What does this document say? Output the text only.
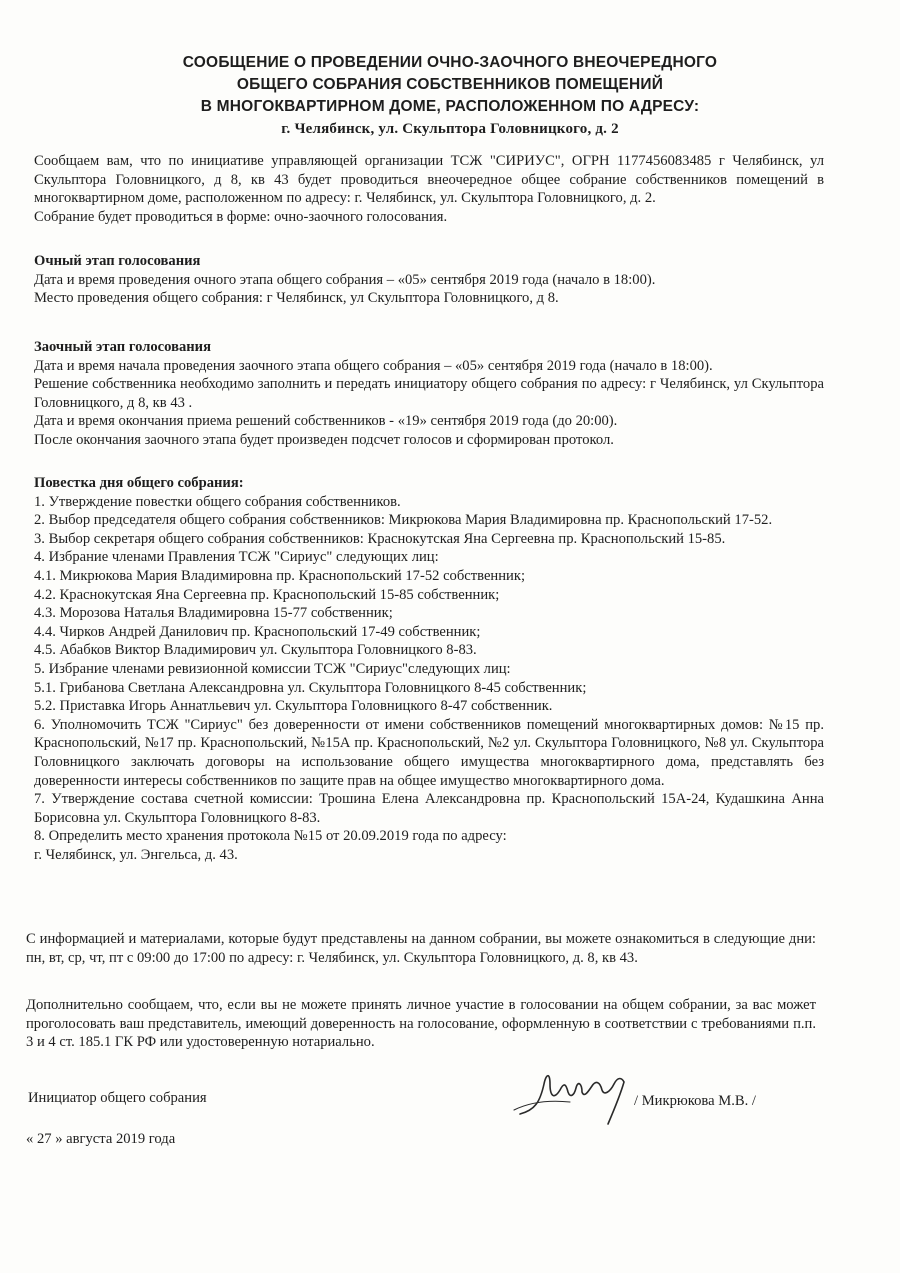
СООБЩЕНИЕ О ПРОВЕДЕНИИ ОЧНО-ЗАОЧНОГО ВНЕОЧЕРЕДНОГО
ОБЩЕГО СОБРАНИЯ СОБСТВЕННИКОВ ПОМЕЩЕНИЙ
В МНОГОКВАРТИРНОМ ДОМЕ, РАСПОЛОЖЕННОМ ПО АДРЕСУ:
г. Челябинск, ул. Скульптора Головницкого, д. 2
Сообщаем вам, что по инициативе управляющей организации ТСЖ "СИРИУС", ОГРН 1177456083485 г Челябинск, ул Скульптора Головницкого, д 8, кв 43 будет проводиться внеочередное общее собрание собственников помещений в многоквартирном доме, расположенном по адресу: г. Челябинск, ул. Скульптора Головницкого, д. 2.
Собрание будет проводиться в форме: очно-заочного голосования.
Очный этап голосования
Дата и время проведения очного этапа общего собрания – «05» сентября 2019 года (начало в 18:00).
Место проведения общего собрания: г Челябинск, ул Скульптора Головницкого, д 8.
Заочный этап голосования
Дата и время начала проведения заочного этапа общего собрания – «05» сентября 2019 года (начало в 18:00).
Решение собственника необходимо заполнить и передать инициатору общего собрания по адресу: г Челябинск, ул Скульптора Головницкого, д 8, кв 43 .
Дата и время окончания приема решений собственников - «19» сентября 2019 года (до 20:00).
После окончания заочного этапа будет произведен подсчет голосов и сформирован протокол.
Повестка дня общего собрания:
1. Утверждение повестки общего собрания собственников.
2. Выбор председателя общего собрания собственников: Микрюкова Мария Владимировна пр. Краснопольский 17-52.
3. Выбор секретаря общего собрания собственников: Краснокутская Яна Сергеевна пр. Краснопольский 15-85.
4. Избрание членами Правления ТСЖ "Сириус" следующих лиц:
4.1. Микрюкова Мария Владимировна пр. Краснопольский 17-52 собственник;
4.2. Краснокутская Яна Сергеевна пр. Краснопольский 15-85 собственник;
4.3. Морозова Наталья Владимировна 15-77 собственник;
4.4. Чирков Андрей Данилович пр. Краснопольский 17-49 собственник;
4.5. Абабков Виктор Владимирович ул. Скульптора Головницкого 8-83.
5. Избрание членами ревизионной комиссии ТСЖ "Сириус"следующих лиц:
5.1. Грибанова Светлана Александровна ул. Скульптора Головницкого 8-45 собственник;
5.2. Приставка Игорь Аннатльевич ул. Скульптора Головницкого 8-47 собственник.
6. Уполномочить ТСЖ "Сириус" без доверенности от имени собственников помещений многоквартирных домов: №15 пр. Краснопольский, №17 пр. Краснопольский, №15А пр. Краснопольский, №2 ул. Скульптора Головницкого, №8 ул. Скульптора Головницкого заключать договоры на использование общего имущества многоквартирного дома, представлять без доверенности интересы собственников по защите прав на общее имущество многоквартирного дома.
7. Утверждение состава счетной комиссии: Трошина Елена Александровна пр. Краснопольский 15А-24, Кудашкина Анна Борисовна ул. Скульптора Головницкого 8-83.
8. Определить место хранения протокола №15 от 20.09.2019 года по адресу:
г. Челябинск, ул. Энгельса, д. 43.
С информацией и материалами, которые будут представлены на данном собрании, вы можете ознакомиться в следующие дни: пн, вт, ср, чт, пт с 09:00 до 17:00 по адресу: г. Челябинск, ул. Скульптора Головницкого, д. 8, кв 43.
Дополнительно сообщаем, что, если вы не можете принять личное участие в голосовании на общем собрании, за вас может проголосовать ваш представитель, имеющий доверенность на голосование, оформленную в соответствии с требованиями п.п. 3 и 4 ст. 185.1 ГК РФ или удостоверенную нотариально.
Инициатор общего собрания	/ Микрюкова М.В. /
« 27 » августа 2019 года
